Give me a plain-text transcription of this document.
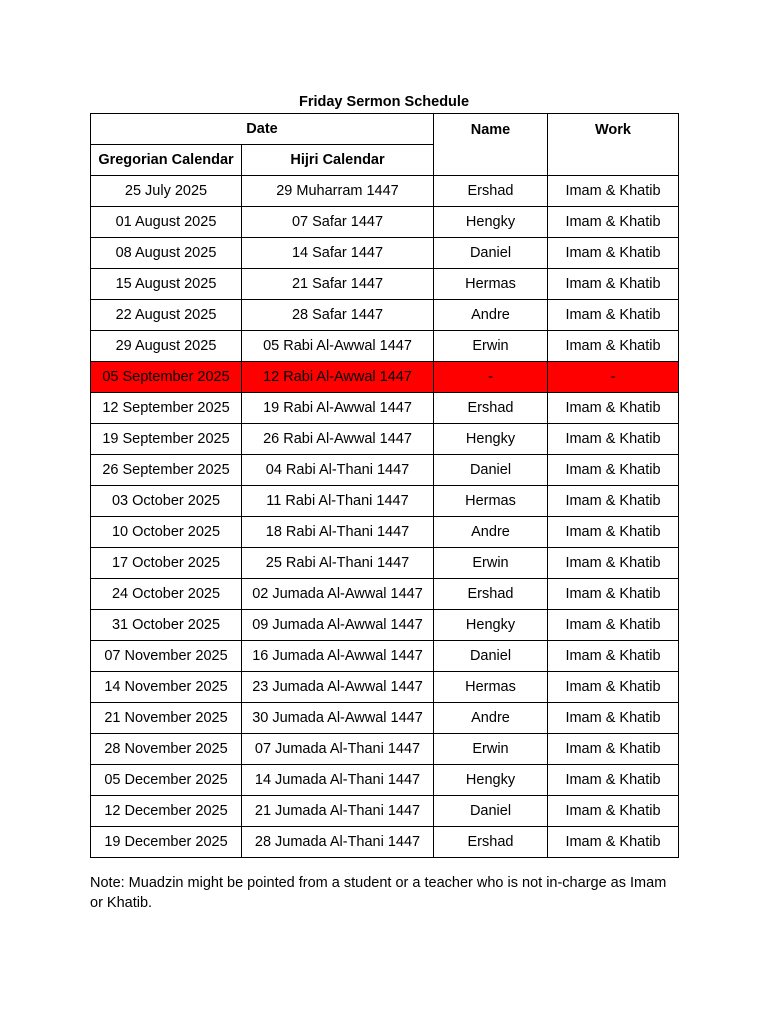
Friday Sermon Schedule
Date		Name	Work
Gregorian Calendar	Hijri Calendar		
25 July 2025	29 Muharram 1447	Ershad	Imam & Khatib
01 August 2025	07 Safar 1447	Hengky	Imam & Khatib
08 August 2025	14 Safar 1447	Daniel	Imam & Khatib
15 August 2025	21 Safar 1447	Hermas	Imam & Khatib
22 August 2025	28 Safar 1447	Andre	Imam & Khatib
29 August 2025	05 Rabi Al-Awwal 1447	Erwin	Imam & Khatib
05 September 2025	12 Rabi Al-Awwal 1447	-	-
12 September 2025	19 Rabi Al-Awwal 1447	Ershad	Imam & Khatib
19 September 2025	26 Rabi Al-Awwal 1447	Hengky	Imam & Khatib
26 September 2025	04 Rabi Al-Thani 1447	Daniel	Imam & Khatib
03 October 2025	11 Rabi Al-Thani 1447	Hermas	Imam & Khatib
10 October 2025	18 Rabi Al-Thani 1447	Andre	Imam & Khatib
17 October 2025	25 Rabi Al-Thani 1447	Erwin	Imam & Khatib
24 October 2025	02 Jumada Al-Awwal 1447	Ershad	Imam & Khatib
31 October 2025	09 Jumada Al-Awwal 1447	Hengky	Imam & Khatib
07 November 2025	16 Jumada Al-Awwal 1447	Daniel	Imam & Khatib
14 November 2025	23 Jumada Al-Awwal 1447	Hermas	Imam & Khatib
21 November 2025	30 Jumada Al-Awwal 1447	Andre	Imam & Khatib
28 November 2025	07 Jumada Al-Thani 1447	Erwin	Imam & Khatib
05 December 2025	14 Jumada Al-Thani 1447	Hengky	Imam & Khatib
12 December 2025	21 Jumada Al-Thani 1447	Daniel	Imam & Khatib
19 December 2025	28 Jumada Al-Thani 1447	Ershad	Imam & Khatib
Note: Muadzin might be pointed from a student or a teacher who is not in-charge as Imam or Khatib.
